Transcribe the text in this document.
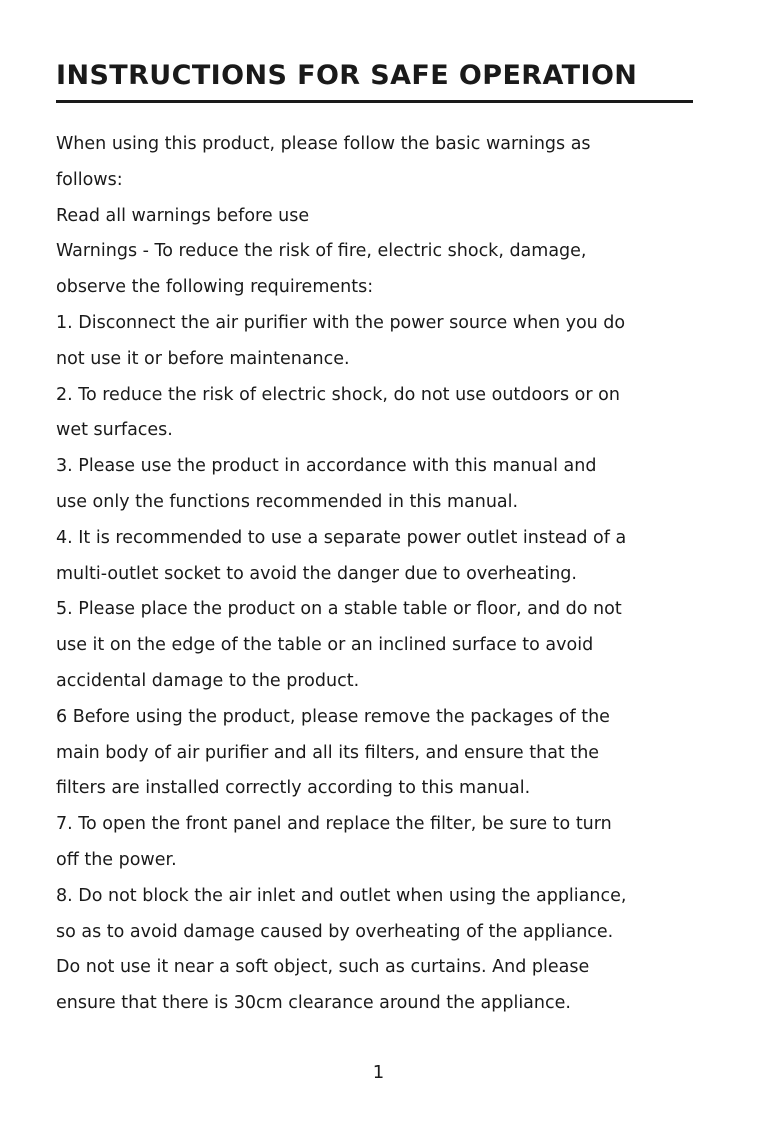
INSTRUCTIONS FOR SAFE OPERATION
When using this product, please follow the basic warnings as
follows:
Read all warnings before use
Warnings - To reduce the risk of fire, electric shock, damage,
observe the following requirements:
1. Disconnect the air purifier with the power source when you do
not use it or before maintenance.
2. To reduce the risk of electric shock, do not use outdoors or on
wet surfaces.
3. Please use the product in accordance with this manual and
use only the functions recommended in this manual.
4. It is recommended to use a separate power outlet instead of a
multi-outlet socket to avoid the danger due to overheating.
5. Please place the product on a stable table or floor, and do not
use it on the edge of the table or an inclined surface to avoid
accidental damage to the product.
6 Before using the product, please remove the packages of the
main body of air purifier and all its filters, and ensure that the
filters are installed correctly according to this manual.
7. To open the front panel and replace the filter, be sure to turn
off the power.
8. Do not block the air inlet and outlet when using the appliance,
so as to avoid damage caused by overheating of the appliance.
Do not use it near a soft object, such as curtains. And please
ensure that there is 30cm clearance around the appliance.
1
